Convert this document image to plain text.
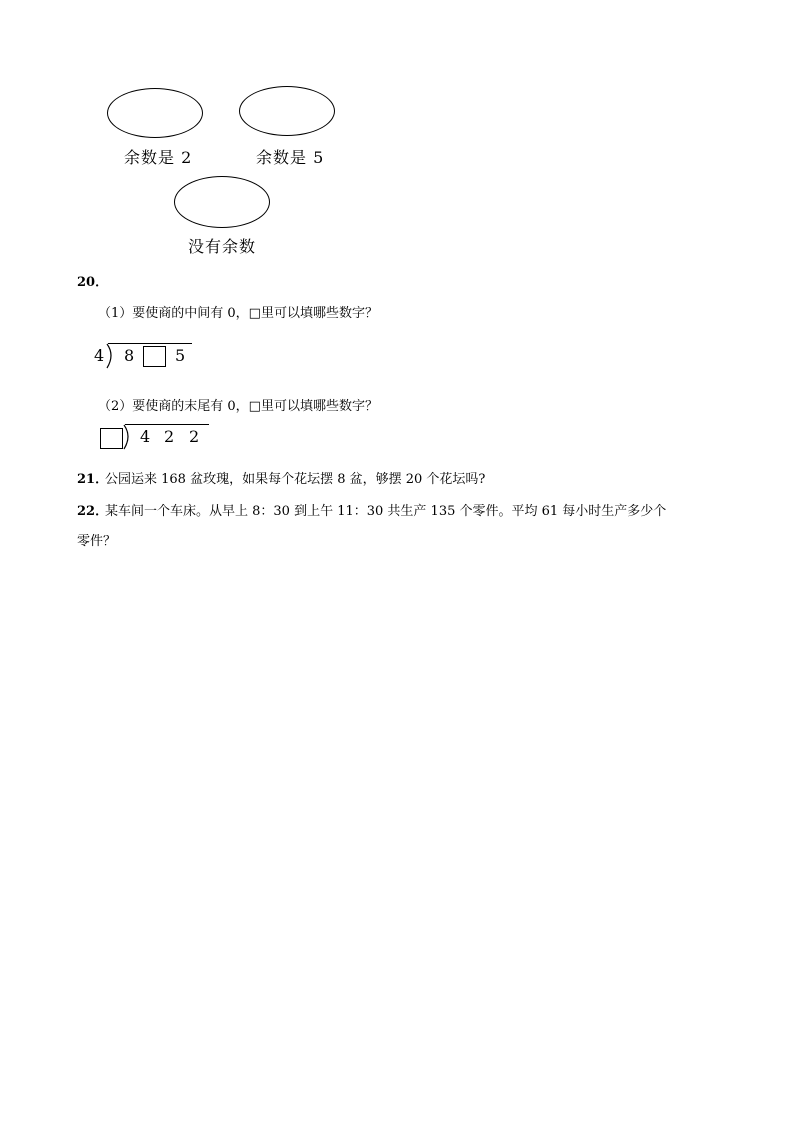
余数是 2	余数是 5
没有余数
20．
（1）要使商的中间有 0，□里可以填哪些数字？
4 8	5
（2）要使商的末尾有 0，□里可以填哪些数字？
4 2 2
21．
公园运来 168 盆玫瑰，如果每个花坛摆 8 盆，够摆 20 个花坛吗?
22．
某车间一个车床。从早上 8：30 到上午 11：30 共生产 135 个零件。平均 61 每小时生产多少个
零件？
